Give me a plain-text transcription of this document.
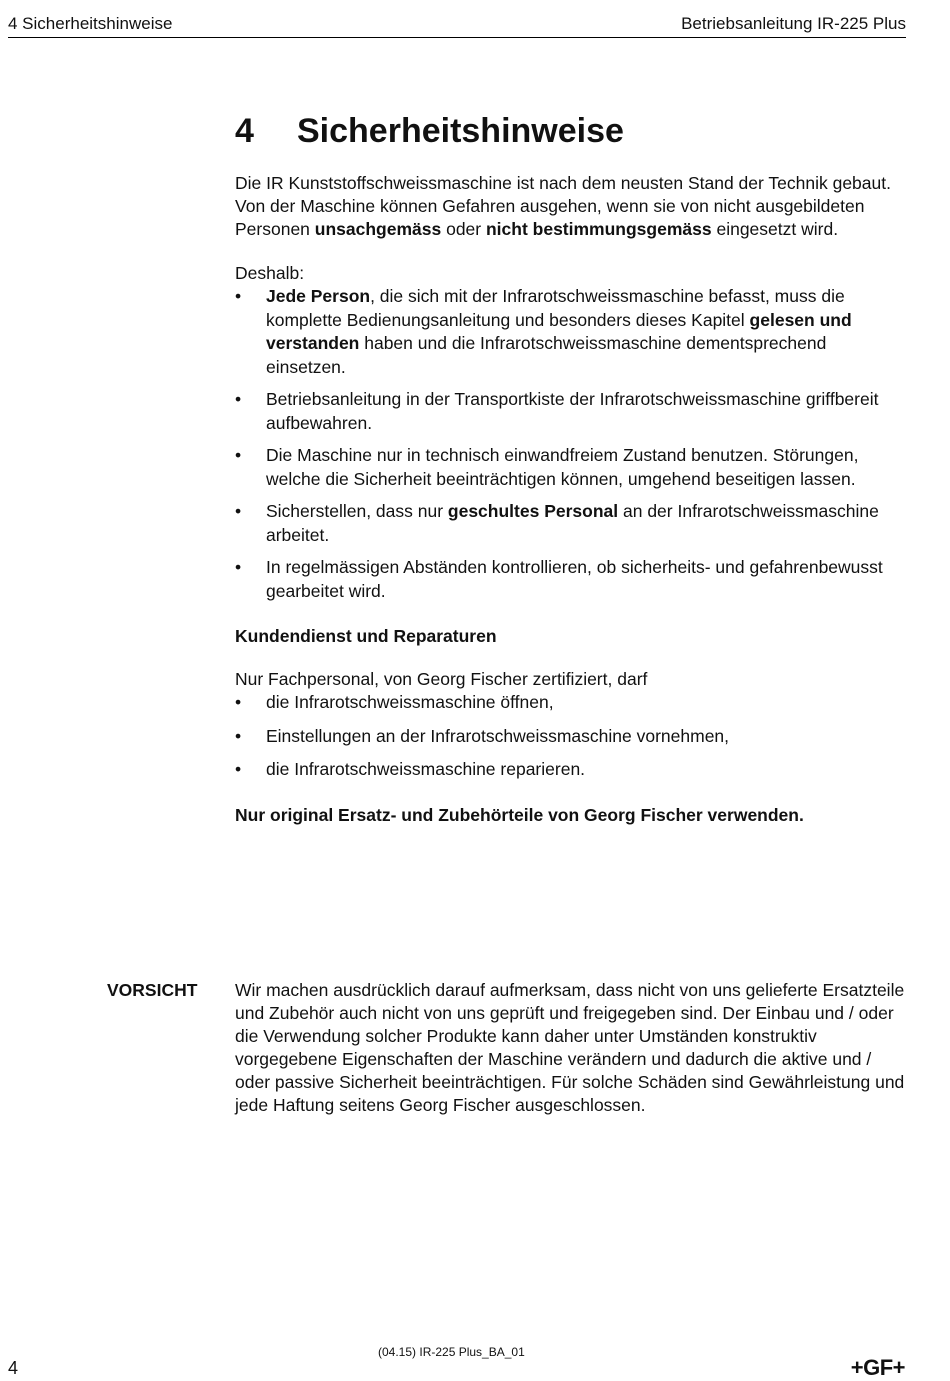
4 Sicherheitshinweise	Betriebsanleitung IR-225 Plus
4	Sicherheitshinweise

Die IR Kunststoffschweissmaschine ist nach dem neusten Stand der Technik gebaut. Von der Maschine können Gefahren ausgehen, wenn sie von nicht ausgebildeten Personen unsachgemäss oder nicht bestimmungsgemäss eingesetzt wird.

Deshalb:

• Jede Person, die sich mit der Infrarotschweissmaschine befasst, muss die komplette Bedienungsanleitung und besonders dieses Kapitel gelesen und verstanden haben und die Infrarotschweissmaschine dementsprechend einsetzen.
• Betriebsanleitung in der Transportkiste der Infrarotschweissmaschine griffbereit aufbewahren.
• Die Maschine nur in technisch einwandfreiem Zustand benutzen. Störungen, welche die Sicherheit beeinträchtigen können, umgehend beseitigen lassen.
• Sicherstellen, dass nur geschultes Personal an der Infrarotschweissmaschine arbeitet.
• In regelmässigen Abständen kontrollieren, ob sicherheits- und gefahrenbewusst gearbeitet wird.
Kundendienst und Reparaturen

Nur Fachpersonal, von Georg Fischer zertifiziert, darf

• die Infrarotschweissmaschine öffnen,
• Einstellungen an der Infrarotschweissmaschine vornehmen,
• die Infrarotschweissmaschine reparieren.
Nur original Ersatz- und Zubehörteile von Georg Fischer verwenden.
VORSICHT Wir machen ausdrücklich darauf aufmerksam, dass nicht von uns gelieferte Ersatzteile und Zubehör auch nicht von uns geprüft und freigegeben sind. Der Einbau und / oder die Verwendung solcher Produkte kann daher unter Umständen konstruktiv vorgegebene Eigenschaften der Maschine verändern und dadurch die aktive und / oder passive Sicherheit beeinträchtigen. Für solche Schäden sind Gewährleistung und jede Haftung seitens Georg Fischer ausgeschlossen.
4
(04.15) IR-225 Plus_BA_01
+GF+
